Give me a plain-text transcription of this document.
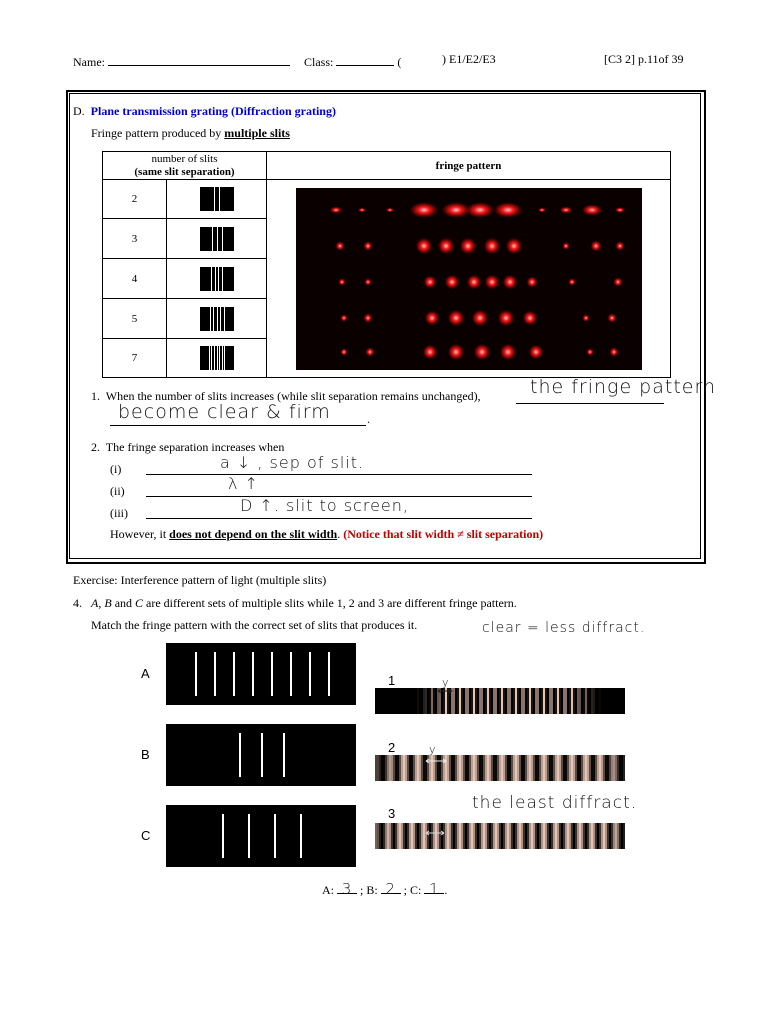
Name:	Class:	(	) E1/E2/E3	[C3 2] p.11of 39
D. Plane transmission grating (Diffraction grating)
Fringe pattern produced by multiple slits
number of slits
(same slit separation)		fringe pattern
2	

3		

4		

5		

7		
1. When the number of slits increases (while slit separation remains unchanged),	the fringe pattern
.
become clear & firm
2. The fringe separation increases when
(i)	a ↓ , sep of slit.
(ii)	λ ↑
(iii)	D ↑. slit to screen,
However, it does not depend on the slit width. (Notice that slit width ≠ slit separation)
Exercise: Interference pattern of light (multiple slits)
4. A, B and C are different sets of multiple slits while 1, 2 and 3 are different fringe pattern.
Match the fringe pattern with the correct set of slits that produces it.	clear = less diffract.
A
B
C
1
2
3
the least diffract.
y
y
A: 3 ; B: 2 ; C: 1 .
